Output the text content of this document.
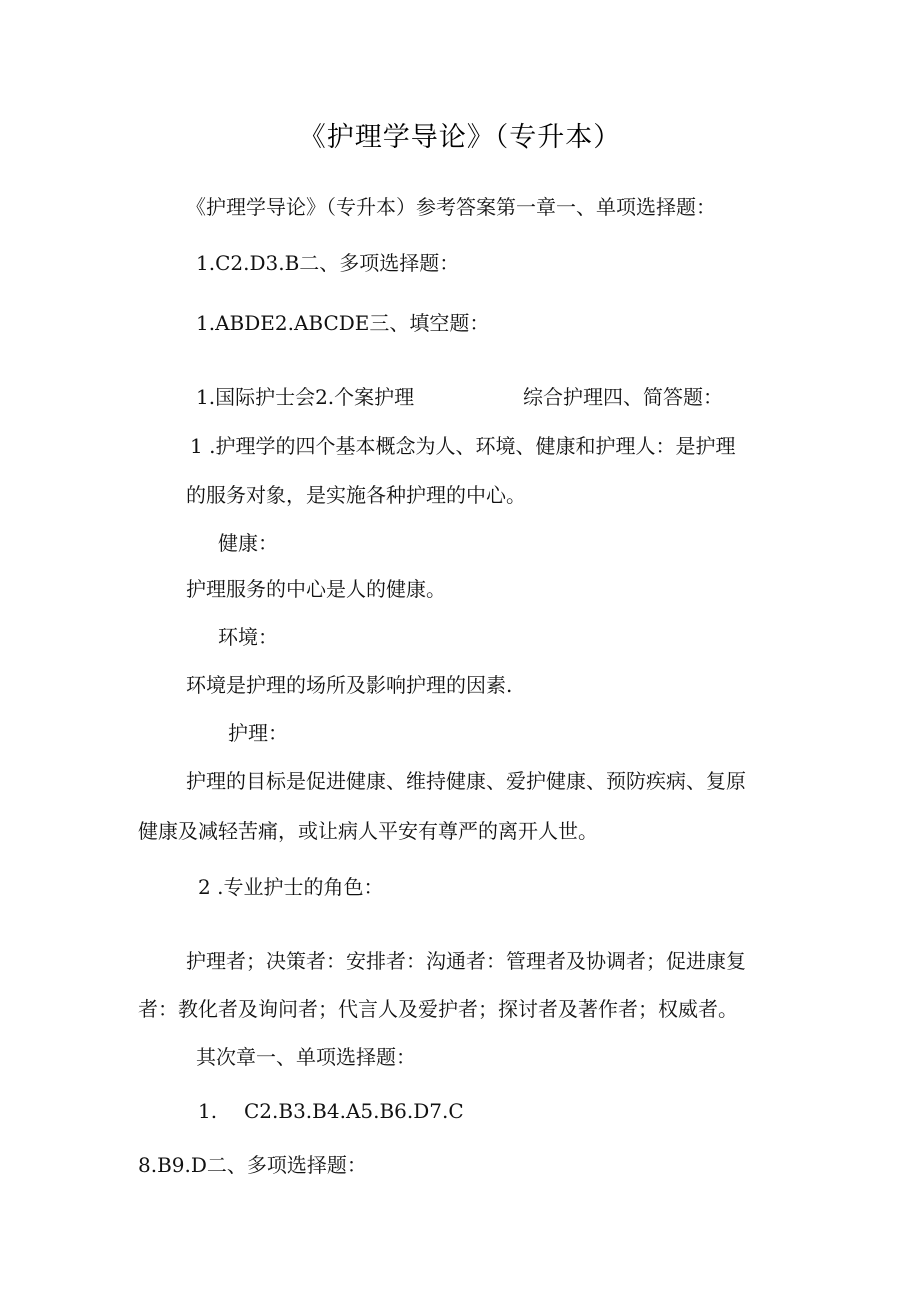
《护理学导论》（专升本）
《护理学导论》（专升本）参考答案第一章一、单项选择题：
1.C2.D3.B二、多项选择题：
1.ABDE2.ABCDE三、填空题：
1.国际护士会2.个案护理	综合护理四、简答题：
1 .护理学的四个基本概念为人、环境、健康和护理人：是护理
的服务对象，是实施各种护理的中心。
健康：
护理服务的中心是人的健康。
环境：
环境是护理的场所及影响护理的因素.
护理：
护理的目标是促进健康、维持健康、爱护健康、预防疾病、复原
健康及减轻苦痛，或让病人平安有尊严的离开人世。
2 .专业护士的角色：
护理者；决策者：安排者：沟通者：管理者及协调者；促进康复
者：教化者及询问者；代言人及爱护者；探讨者及著作者；权威者。
其次章一、单项选择题：
1. C2.B3.B4.A5.B6.D7.C
8.B9.D二、多项选择题：
